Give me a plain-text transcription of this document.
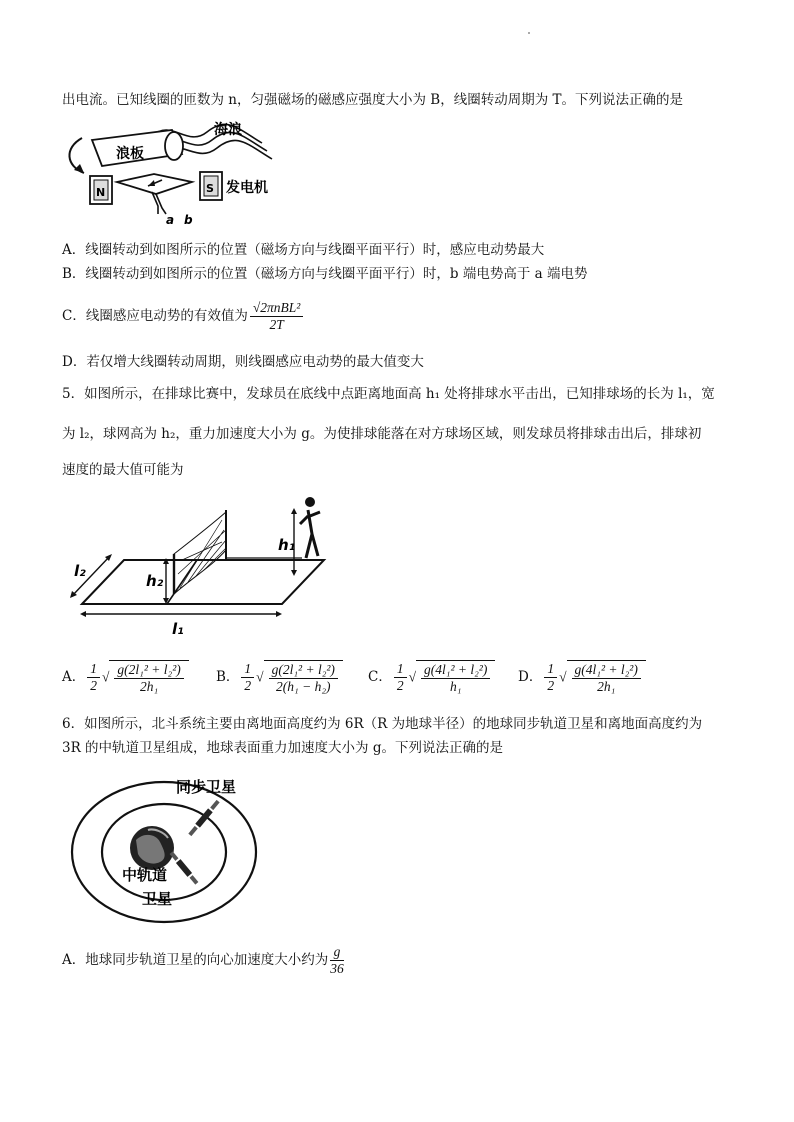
出电流。已知线圈的匝数为 n，匀强磁场的磁感应强度大小为 B，线圈转动周期为 T。下列说法正确的是
浪板
海浪
发电机
N	S
a b
A．线圈转动到如图所示的位置（磁场方向与线圈平面平行）时，感应电动势最大
B．线圈转动到如图所示的位置（磁场方向与线圈平面平行）时，b 端电势高于 a 端电势
C．线圈感应电动势的有效值为 $\frac{\text{√2πnBL²}}{2T}$
D．若仅增大线圈转动周期，则线圈感应电动势的最大值变大
5．如图所示，在排球比赛中，发球员在底线中点距离地面高 h₁ 处将排球水平击出，已知排球场的长为 l₁，宽
为 l₂，球网高为 h₂，重力加速度大小为 g。为使排球能落在对方球场区域，则发球员将排球击出后，排球初
速度的最大值可能为
l₁
l₂
h₂
h₁
A． $\frac{1}{2}$ √ $\frac{\text{g(2l₁² + l₂²)}}{\text{2h₁}}$ B． $\frac{1}{2}$ √ $\frac{\text{g(2l₁² + l₂²)}}{\text{2(h₁ − h₂)}}$ C． $\frac{1}{2}$ √ $\frac{\text{g(4l₁² + l₂²)}}{\text{h₁}}$ D． $\frac{1}{2}$ √ $\frac{\text{g(4l₁² + l₂²)}}{\text{2h₁}}$
6．如图所示，北斗系统主要由离地面高度约为 6R（R 为地球半径）的地球同步轨道卫星和离地面高度约为
3R 的中轨道卫星组成，地球表面重力加速度大小为 g。下列说法正确的是
同步卫星
中轨道
卫星
A．地球同步轨道卫星的向心加速度大小约为 $\frac{g}{36}$
